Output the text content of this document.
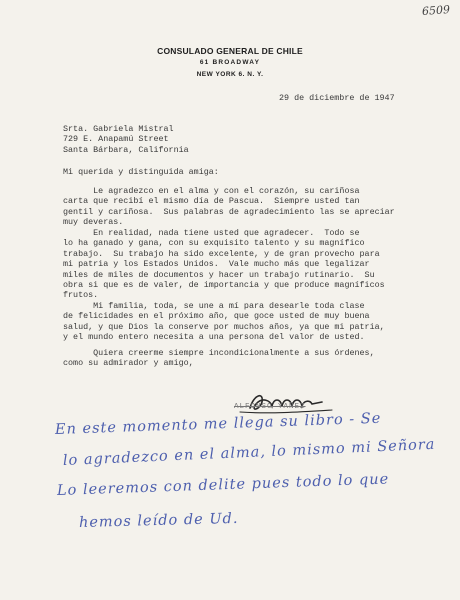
6509
CONSULADO GENERAL DE CHILE
61 BROADWAY
NEW YORK 6. N. Y.
29 de diciembre de 1947
Srta. Gabriela Mistral
729 E. Anapamú Street
Santa Bárbara, California
Mi querida y distinguida amiga:
Le agradezco en el alma y con el corazón, su cariñosa
carta que recibí el mismo día de Pascua.  Siempre usted tan
gentil y cariñosa.  Sus palabras de agradecimiento las se apreciar
muy deveras.
En realidad, nada tiene usted que agradecer.  Todo se
lo ha ganado y gana, con su exquisito talento y su magnífico
trabajo.  Su trabajo ha sido excelente, y de gran provecho para
mi patria y los Estados Unidos.  Vale mucho más que legalizar
miles de miles de documentos y hacer un trabajo rutinario.  Su
obra si que es de valer, de importancia y que produce magníficos
frutos.
Mi familia, toda, se une a mí para desearle toda clase
de felicidades en el próximo año, que goce usted de muy buena
salud, y que Dios la conserve por muchos años, ya que mi patria,
y el mundo entero necesita a una persona del valor de usted.
Quiera creerme siempre incondicionalmente a sus órdenes,
como su admirador y amigo,
ALFONSO YAÑEZ
En este momento me llega su libro - Se
lo agradezco en el alma, lo mismo mi Señora
Lo leeremos con delite pues todo lo que
hemos leído de Ud.
